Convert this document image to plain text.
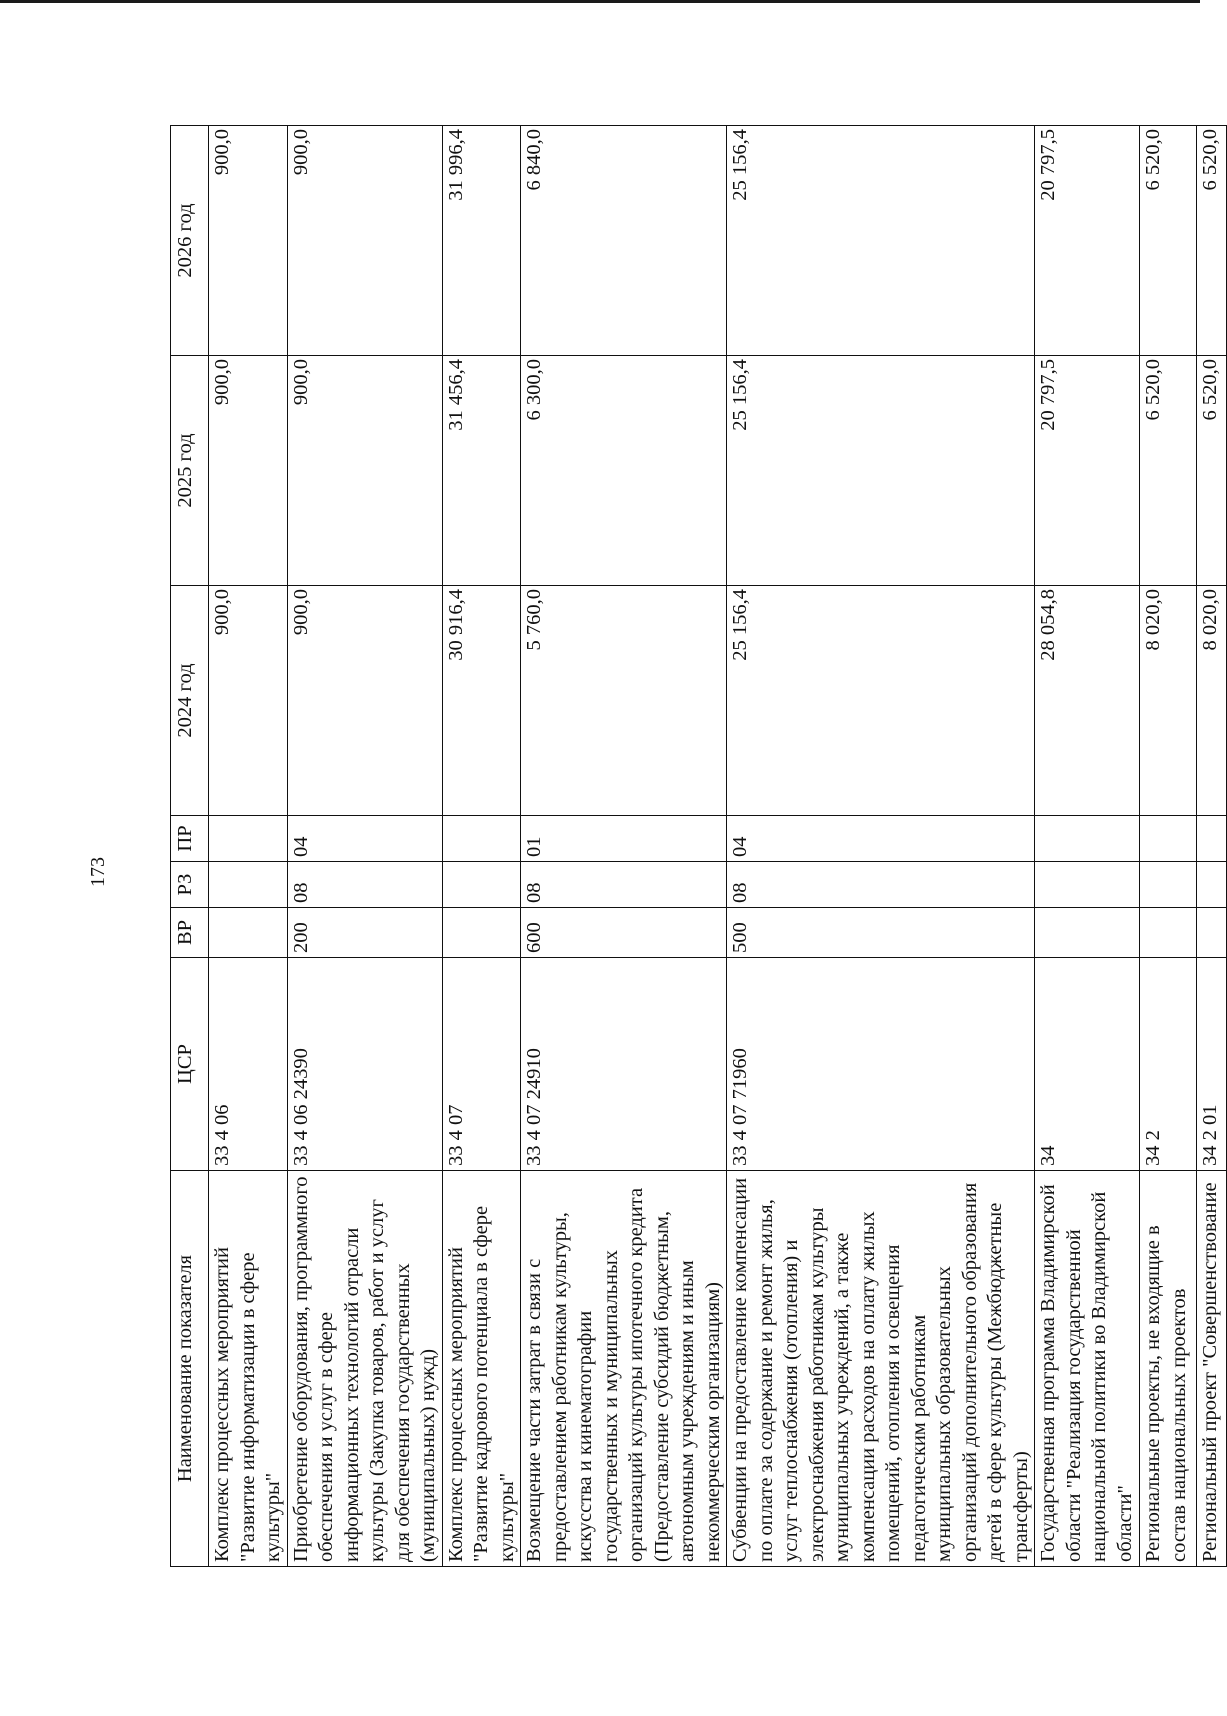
173
Наименование показателя	ЦСР	ВР	РЗ	ПР	2024 год	2025 год	2026 год
Комплекс процессных мероприятий "Развитие информатизации в сфере культуры"	33 4 06				900,0	900,0	900,0
Приобретение оборудования, программного обеспечения и услуг в сфере информационных технологий отрасли культуры (Закупка товаров, работ и услуг для обеспечения государственных (муниципальных) нужд)	33 4 06 24390	200	08	04	900,0	900,0	900,0
Комплекс процессных мероприятий "Развитие кадрового потенциала в сфере культуры"	33 4 07				30 916,4	31 456,4	31 996,4
Возмещение части затрат в связи с предоставлением работникам культуры, искусства и кинематографии государственных и муниципальных организаций культуры ипотечного кредита (Предоставление субсидий бюджетным, автономным учреждениям и иным некоммерческим организациям)	33 4 07 24910	600	08	01	5 760,0	6 300,0	6 840,0
Субвенции на предоставление компенсации по оплате за содержание и ремонт жилья, услуг теплоснабжения (отопления) и электроснабжения работникам культуры муниципальных учреждений, а также компенсации расходов на оплату жилых помещений, отопления и освещения педагогическим работникам муниципальных образовательных организаций дополнительного образования детей в сфере культуры (Межбюджетные трансферты)	33 4 07 71960	500	08	04	25 156,4	25 156,4	25 156,4
Государственная программа Владимирской области "Реализация государственной национальной политики во Владимирской области"	34				28 054,8	20 797,5	20 797,5
Региональные проекты, не входящие в состав национальных проектов	34 2				8 020,0	6 520,0	6 520,0
Региональный проект "Совершенствование	34 2 01				8 020,0	6 520,0	6 520,0
